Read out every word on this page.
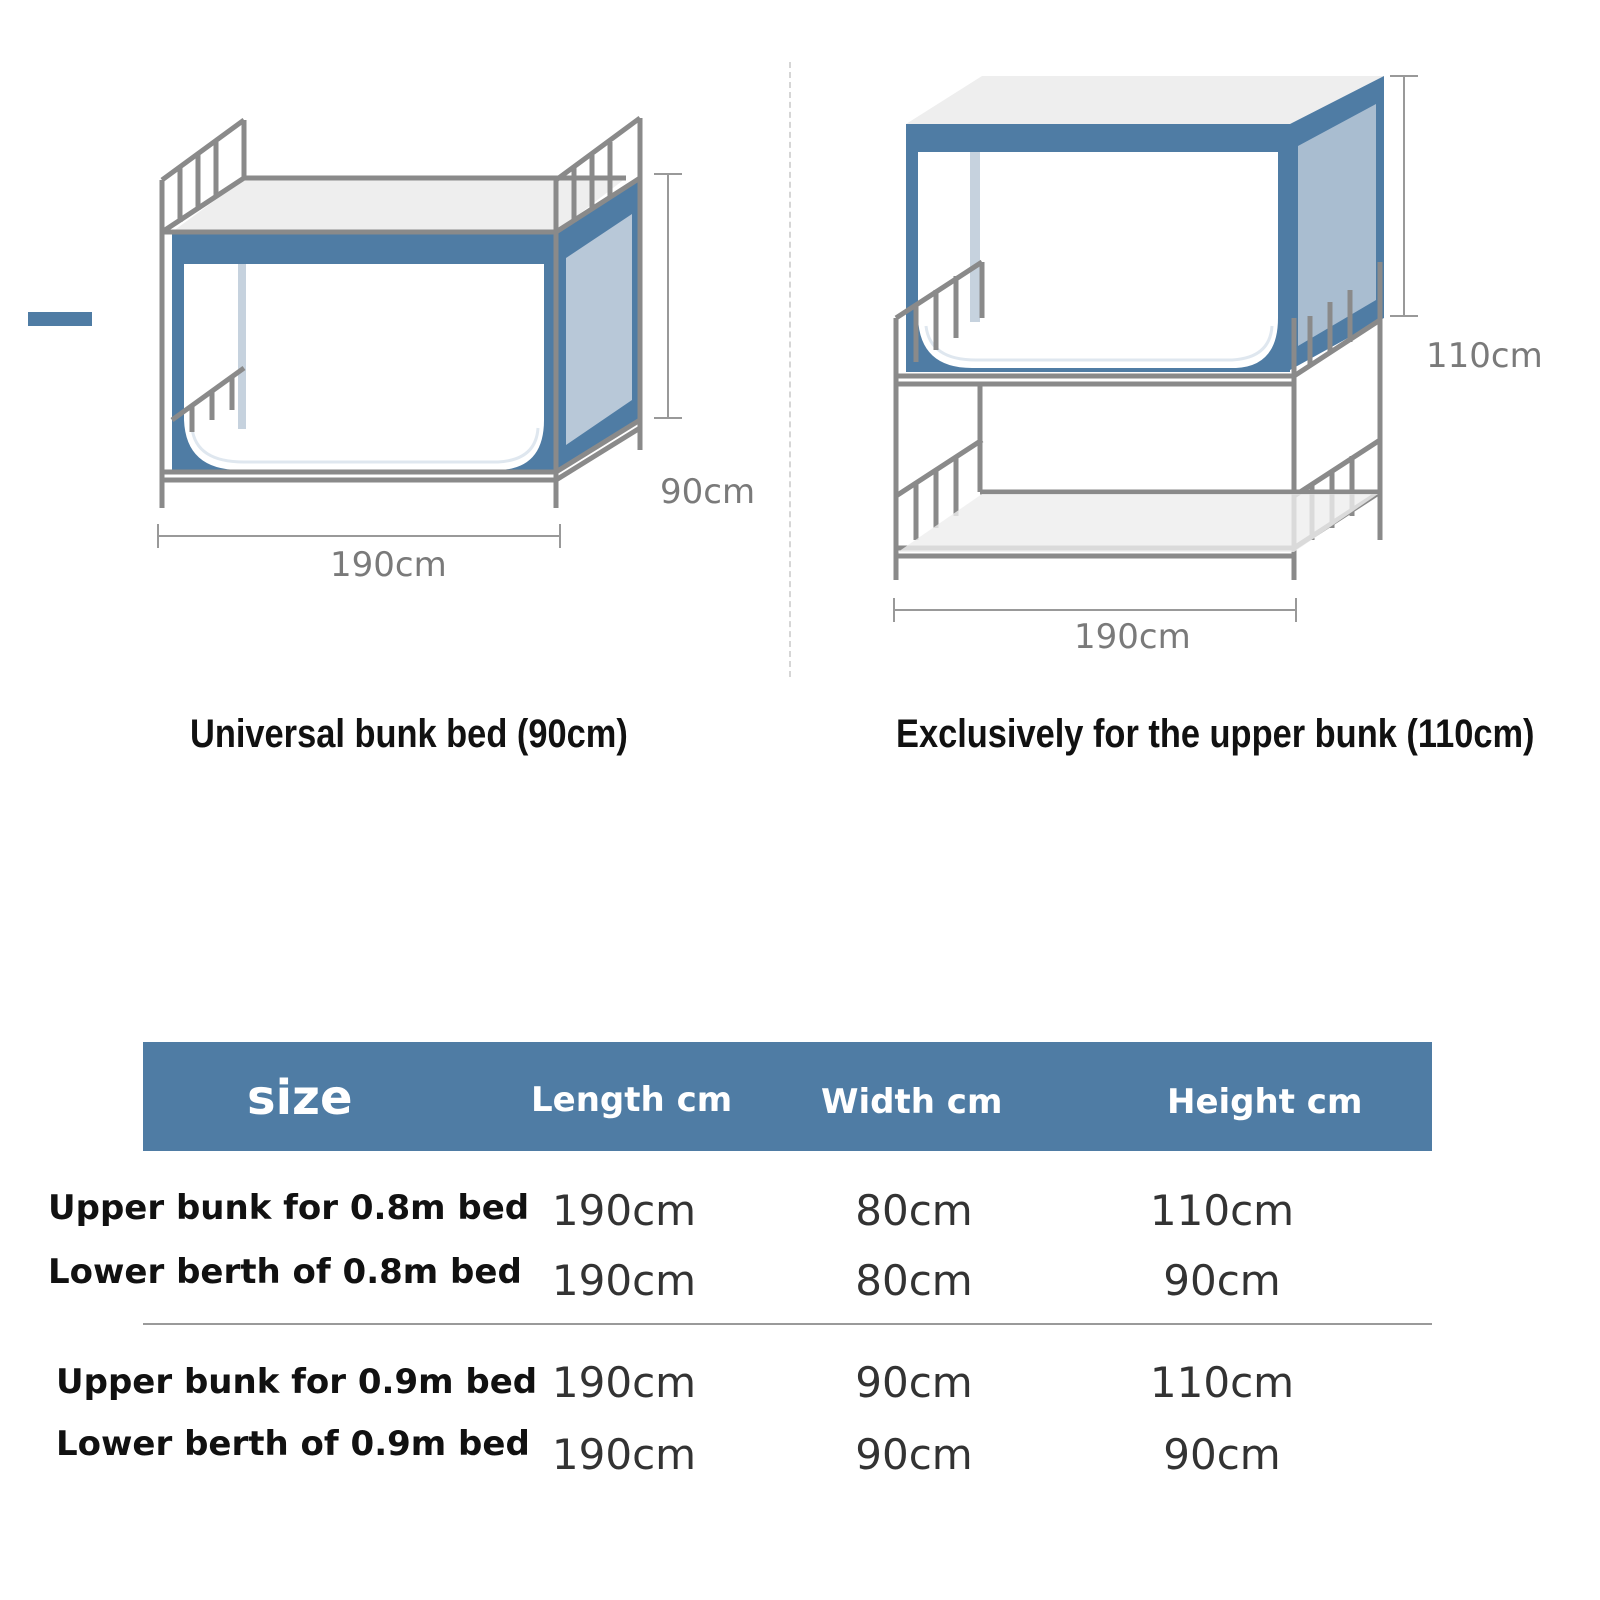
190cm
90cm
190cm
110cm
Universal bunk bed (90cm)	Exclusively for the upper bunk (110cm)
size	Length cm	Width cm	Height cm
Upper bunk for 0.8m bed 190cm	80cm	110cm
Lower berth of 0.8m bed 190cm	80cm	90cm
Upper bunk for 0.9m bed 190cm	90cm	110cm
Lower berth of 0.9m bed 190cm	90cm	90cm
